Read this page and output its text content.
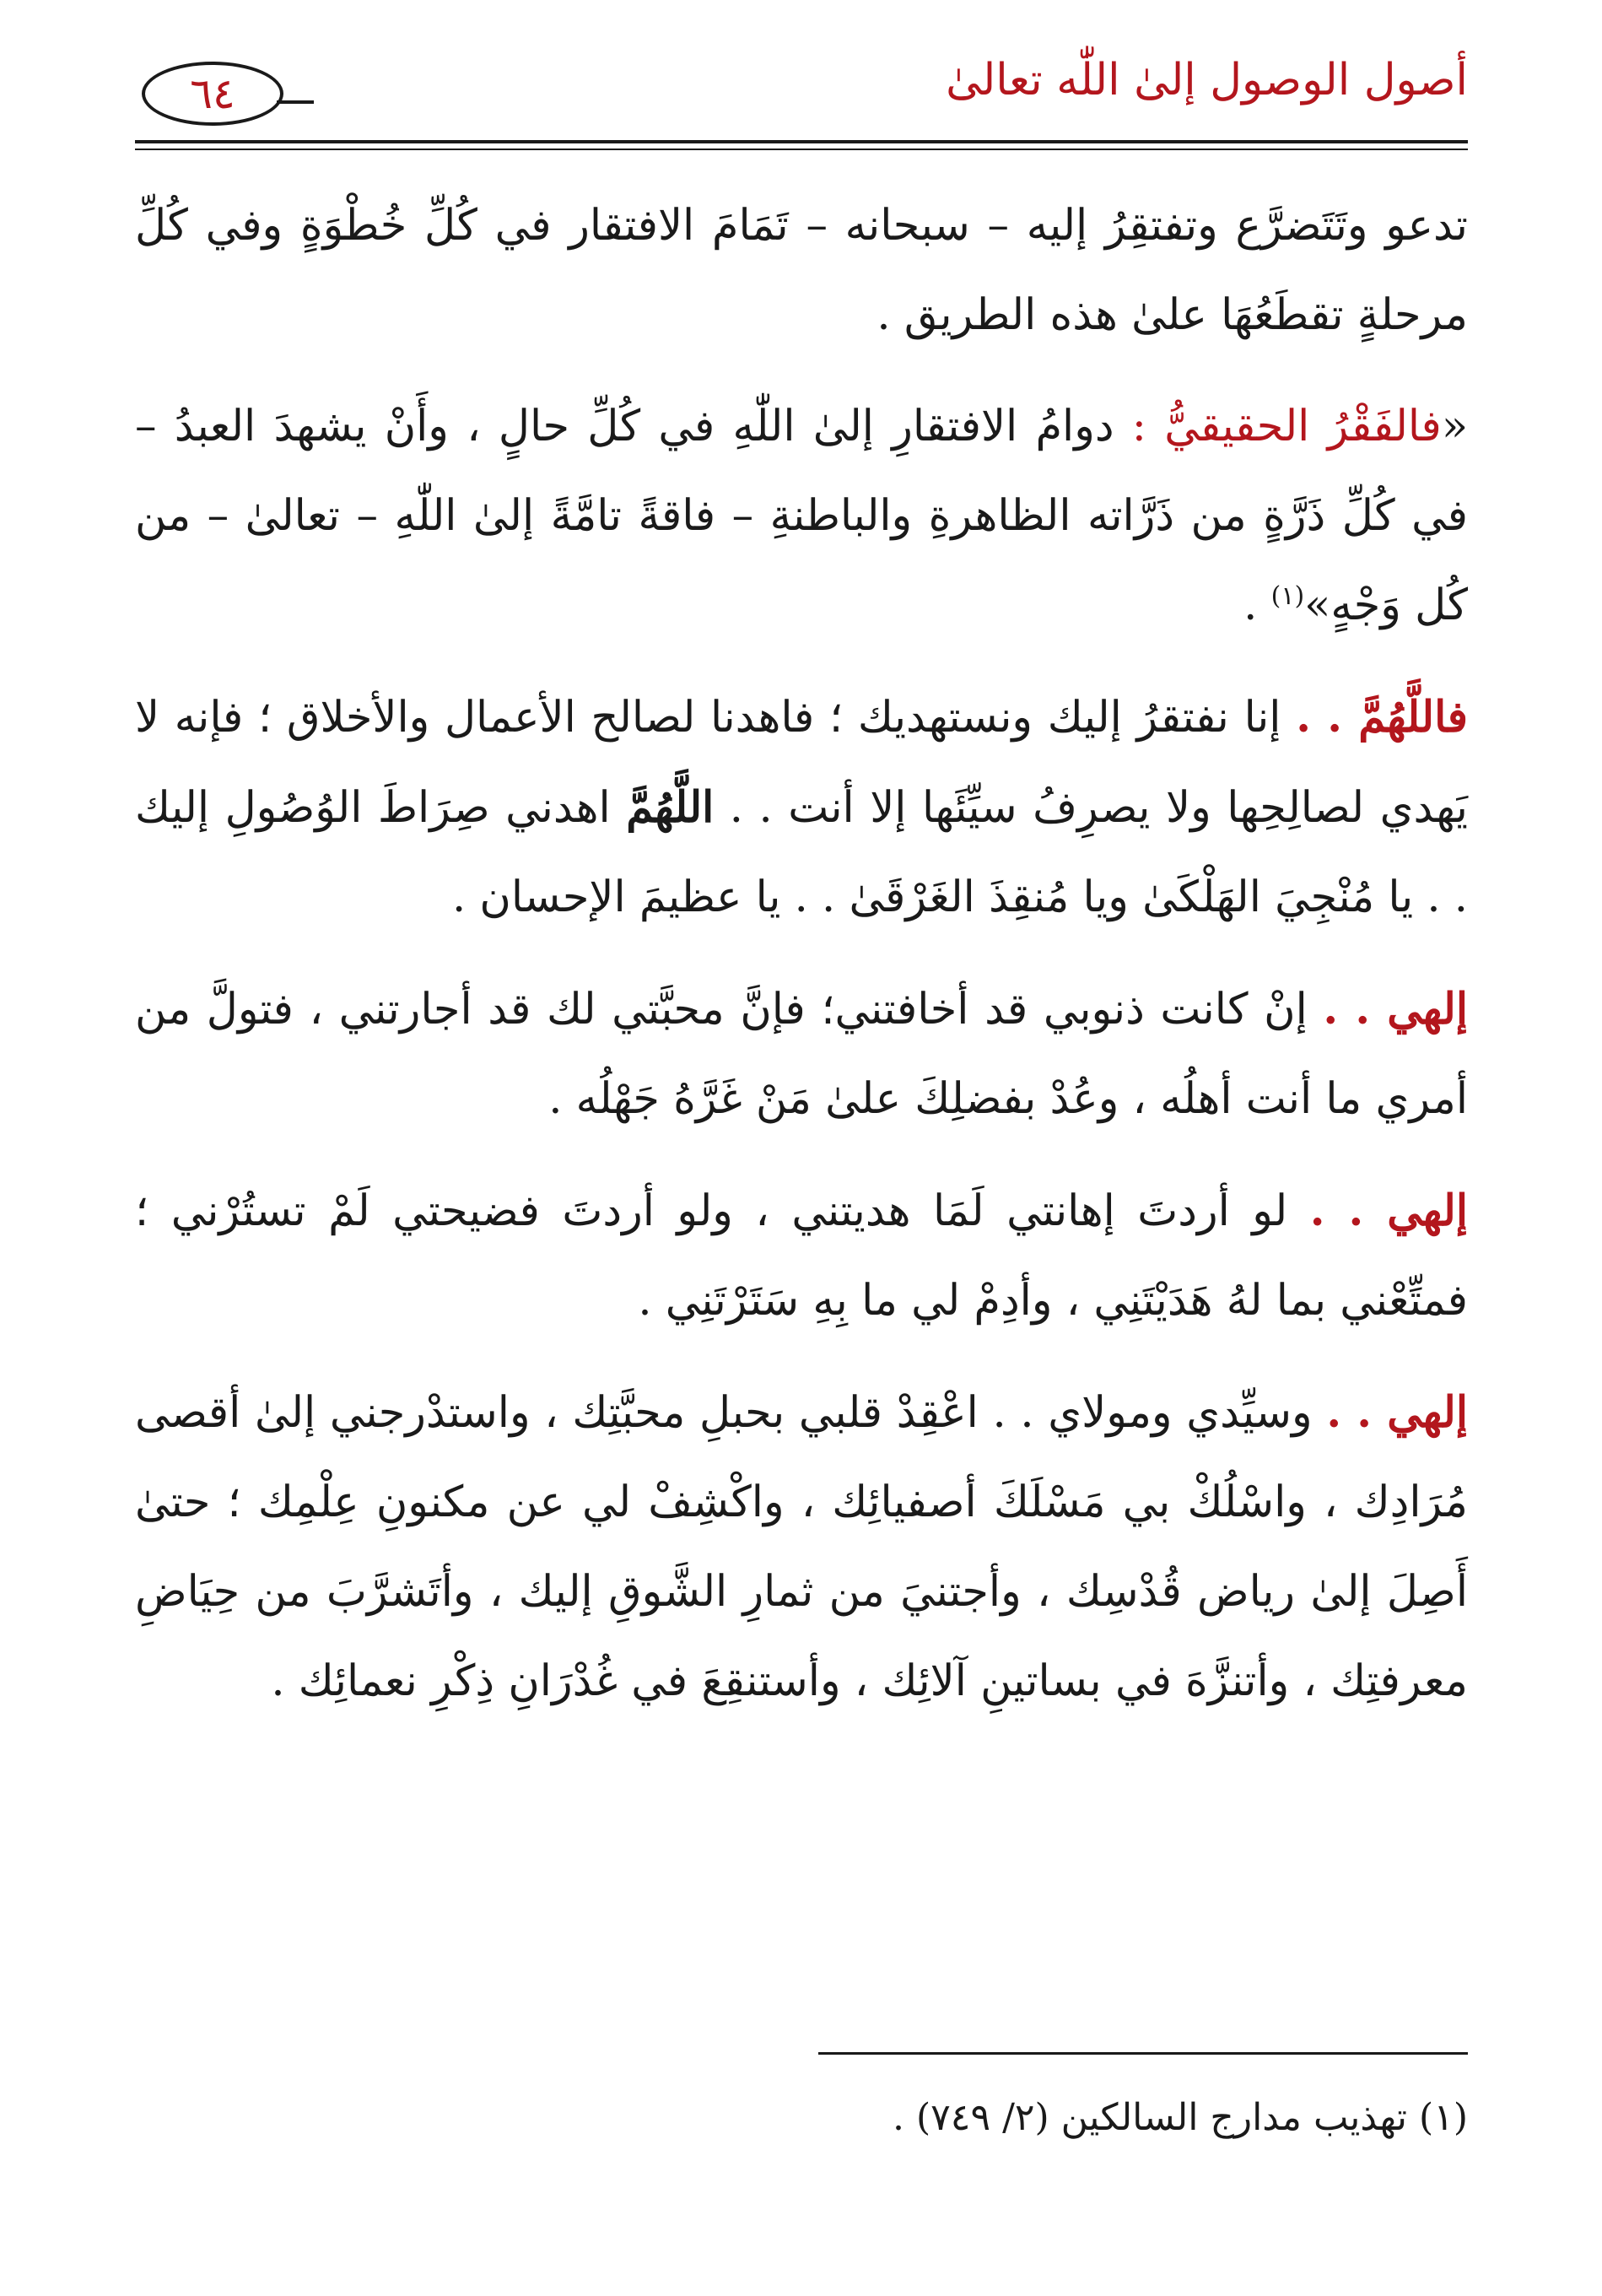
أصول الوصول إلىٰ اللّٰه تعالىٰ
٦٤

تدعو وتَتَضرَّع وتفتقِرُ إليه – سبحانه – تَمَامَ الافتقار في كُلِّ خُطْوَةٍ وفي كُلِّ مرحلةٍ تقطَعُهَا علىٰ هذه الطريق .

«فالفَقْرُ الحقيقيُّ : دوامُ الافتقارِ إلىٰ اللّٰهِ في كُلِّ حالٍ ، وأَنْ يشهدَ العبدُ – في كُلِّ ذَرَّةٍ من ذَرَّاته الظاهرةِ والباطنةِ – فاقةً تامَّةً إلىٰ اللّٰهِ – تعالىٰ – من كُل وَجْهٍ»$^{(١)}$ .

فاللَّهُمَّ . . إنا نفتقرُ إليك ونستهديك ؛ فاهدنا لصالح الأعمال والأخلاق ؛ فإنه لا يَهدي لصالِحِها ولا يصرِفُ سيِّئَها إلا أنت . . اللَّهُمَّ اهدني صِرَاطَ الوُصُولِ إليك . . يا مُنْجِيَ الهَلْكَىٰ ويا مُنقِذَ الغَرْقَىٰ . . يا عظيمَ الإحسان .

إلهي . . إنْ كانت ذنوبي قد أخافتني؛ فإنَّ محبَّتي لك قد أجارتني ، فتولَّ من أمري ما أنت أهلُه ، وعُدْ بفضلِكَ علىٰ مَنْ غَرَّهُ جَهْلُه .

إلهي . . لو أردتَ إهانتي لَمَا هديتني ، ولو أردتَ فضيحتي لَمْ تستُرْني ؛ فمتِّعْني بما لهُ هَدَيْتَنِي ، وأدِمْ لي ما بِهِ سَتَرْتَنِي .

إلهي . . وسيِّدي ومولاي . . اعْقِدْ قلبي بحبلِ محبَّتِك ، واستدْرجني إلىٰ أقصى مُرَادِك ، واسْلُكْ بي مَسْلَكَ أصفيائِك ، واكْشِفْ لي عن مكنونِ عِلْمِك ؛ حتىٰ أَصِلَ إلىٰ رياض قُدْسِك ، وأجتنيَ من ثمارِ الشَّوقِ إليك ، وأتَشرَّبَ من حِيَاضِ معرفتِك ، وأتنزَّهَ في بساتينِ آلائِك ، وأستنقِعَ في غُدْرَانِ ذِكْرِ نعمائِك .

(١) تهذيب مدارج السالكين (٢/ ٧٤٩) .
